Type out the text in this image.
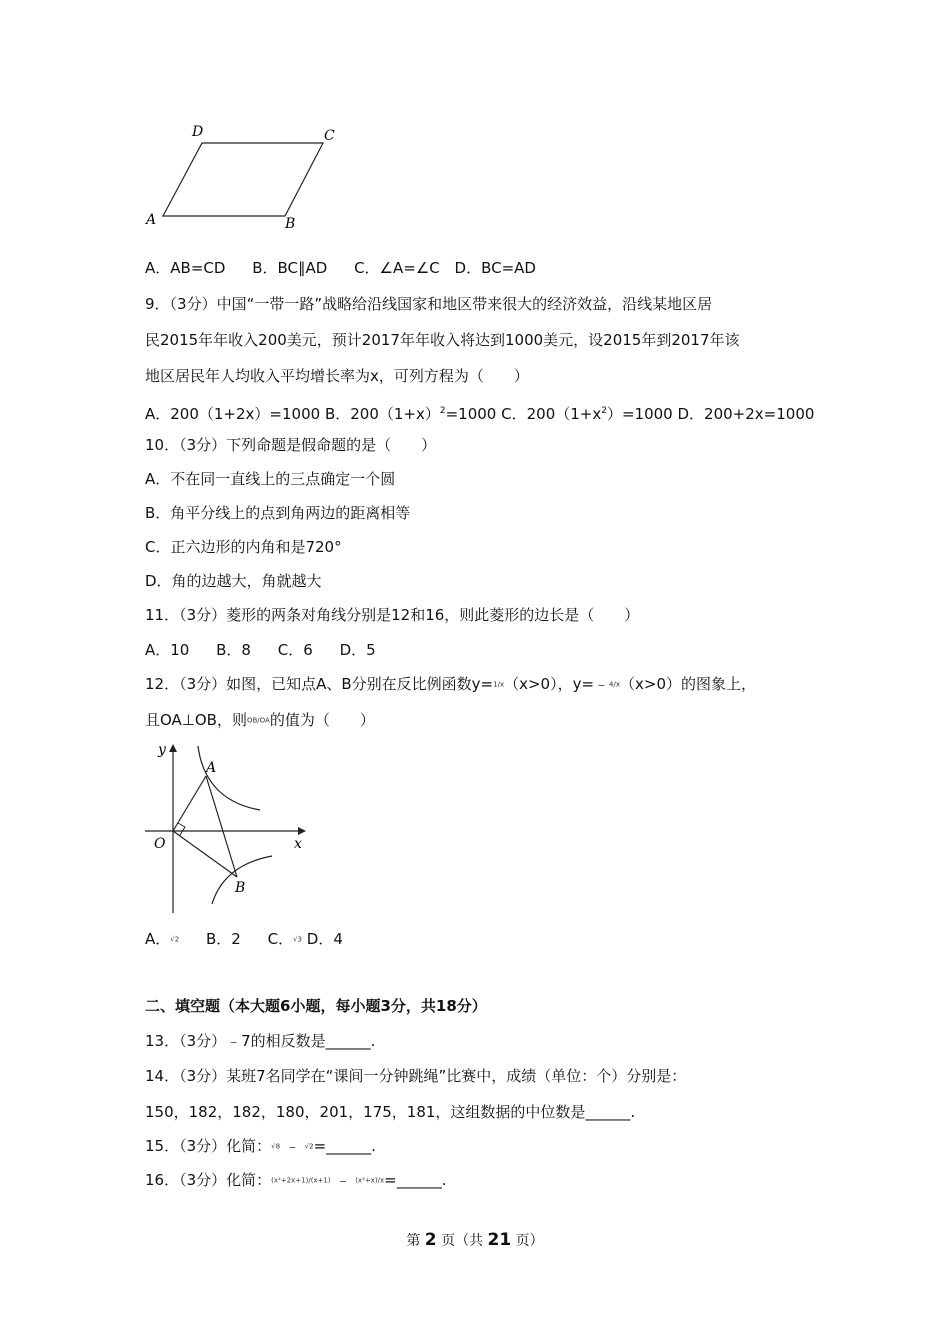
D	C
A	B
A．AB=CD B．BC∥AD C．∠A=∠C D．BC=AD
9．（3分）中国“一带一路”战略给沿线国家和地区带来很大的经济效益，沿线某地区居
民2015年年收入200美元，预计2017年年收入将达到1000美元，设2015年到2017年该
地区居民年人均收入平均增长率为x，可列方程为（　　）
A．200（1+2x）=1000 B．$200(1+x)^2=1000$ C．$200(1+x^2)=1000$ D．200+2x=1000
10．（3分）下列命题是假命题的是（　　）
A．不在同一直线上的三点确定一个圆
B．角平分线上的点到角两边的距离相等
C．正六边形的内角和是720°
D．角的边越大，角就越大
11．（3分）菱形的两条对角线分别是12和16，则此菱形的边长是（　　）
A．10 B．8 C．6 D．5
12．（3分）如图，已知点A、B分别在反比例函数y=1/x（x>0），y=﹣4/x（x>0）的图象上，
且OA⊥OB，则OB/OA的值为（　　）
y
A
O	x
B
A．√2 B．2 C．√3 D．4
二、填空题（本大题6小题，每小题3分，共18分）
13．（3分）﹣7的相反数是______.
14．（3分）某班7名同学在“课间一分钟跳绳”比赛中，成绩（单位：个）分别是：
150，182，182，180，201，175，181，这组数据的中位数是______.
15．（3分）化简：√8 ﹣ √2=______.
16．（3分）化简：(x²+2x+1)/(x+1) ﹣ (x²+x)/x=______.
第 2 页（共 21 页）
